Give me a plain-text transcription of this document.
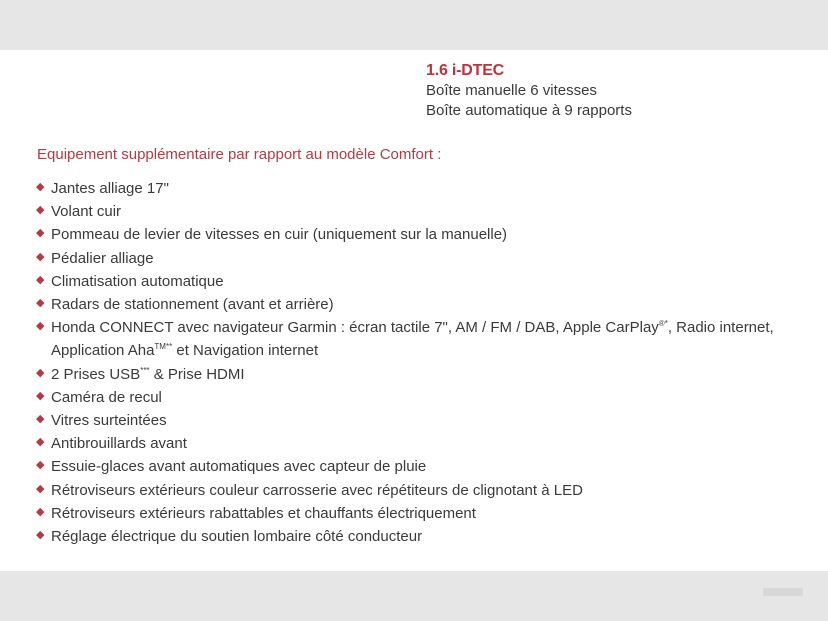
1.6 i-DTEC
Boîte manuelle 6 vitesses
Boîte automatique à 9 rapports
Equipement supplémentaire par rapport au modèle Comfort :
◆ Jantes alliage 17"
◆ Volant cuir
◆ Pommeau de levier de vitesses en cuir (uniquement sur la manuelle)
◆ Pédalier alliage
◆ Climatisation automatique
◆ Radars de stationnement (avant et arrière)
◆ Honda CONNECT avec navigateur Garmin : écran tactile 7", AM / FM / DAB, Apple CarPlay®*, Radio internet,
Application Aha$^{TM**}$ et Navigation internet
◆ 2 Prises USB*** & Prise HDMI
◆ Caméra de recul
◆ Vitres surteintées
◆ Antibrouillards avant
◆ Essuie-glaces avant automatiques avec capteur de pluie
◆ Rétroviseurs extérieurs couleur carrosserie avec répétiteurs de clignotant à LED
◆ Rétroviseurs extérieurs rabattables et chauffants électriquement
◆ Réglage électrique du soutien lombaire côté conducteur
